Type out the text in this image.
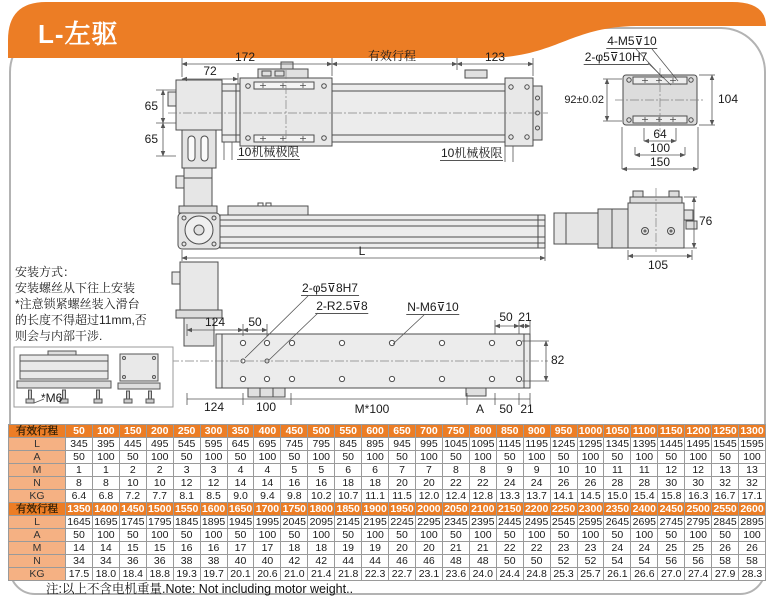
L-左驱
172	有效行程	123
72
65
65
10机械极限	10机械极限
4-M5⊽10
2-φ5⊽10H7
92±0.02	104
64
100
150
L
76
105
124 50
2-φ5⊽8H7
2-R2.5⊽8	N-M6⊽10
50 21
82
124	100	M*100	A 50 21
*M6
安装方式：
安装螺丝从下往上安装
*注意锁紧螺丝装入滑台
的长度不得超过11mm,否
则会与内部干涉.
有效行程	50	100	150	200	250	300	350	400	450	500	550	600	650	700	750	800	850	900	950	1000	1050	1100	1150	1200	1250	1300
L	345	395	445	495	545	595	645	695	745	795	845	895	945	995	1045	1095	1145	1195	1245	1295	1345	1395	1445	1495	1545	1595
A	50	100	50	100	50	100	50	100	50	100	50	100	50	100	50	100	50	100	50	100	50	100	50	100	50	100
M	1	1	2	2	3	3	4	4	5	5	6	6	7	7	8	8	9	9	10	10	11	11	12	12	13	13
N	8	8	10	10	12	12	14	14	16	16	18	18	20	20	22	22	24	24	26	26	28	28	30	30	32	32
KG	6.4	6.8	7.2	7.7	8.1	8.5	9.0	9.4	9.8	10.2	10.7	11.1	11.5	12.0	12.4	12.8	13.3	13.7	14.1	14.5	15.0	15.4	15.8	16.3	16.7	17.1
有效行程	1350	1400	1450	1500	1550	1600	1650	1700	1750	1800	1850	1900	1950	2000	2050	2100	2150	2200	2250	2300	2350	2400	2450	2500	2550	2600
L	1645	1695	1745	1795	1845	1895	1945	1995	2045	2095	2145	2195	2245	2295	2345	2395	2445	2495	2545	2595	2645	2695	2745	2795	2845	2895
A	50	100	50	100	50	100	50	100	50	100	50	100	50	100	50	100	50	100	50	100	50	100	50	100	50	100
M	14	14	15	15	16	16	17	17	18	18	19	19	20	20	21	21	22	22	23	23	24	24	25	25	26	26
N	34	34	36	36	38	38	40	40	42	42	44	44	46	46	48	48	50	50	52	52	54	54	56	56	58	58
KG	17.5	18.0	18.4	18.8	19.3	19.7	20.1	20.6	21.0	21.4	21.8	22.3	22.7	23.1	23.6	24.0	24.4	24.8	25.3	25.7	26.1	26.6	27.0	27.4	27.9	28.3
注:以上不含电机重量.Note: Not including motor weight..
